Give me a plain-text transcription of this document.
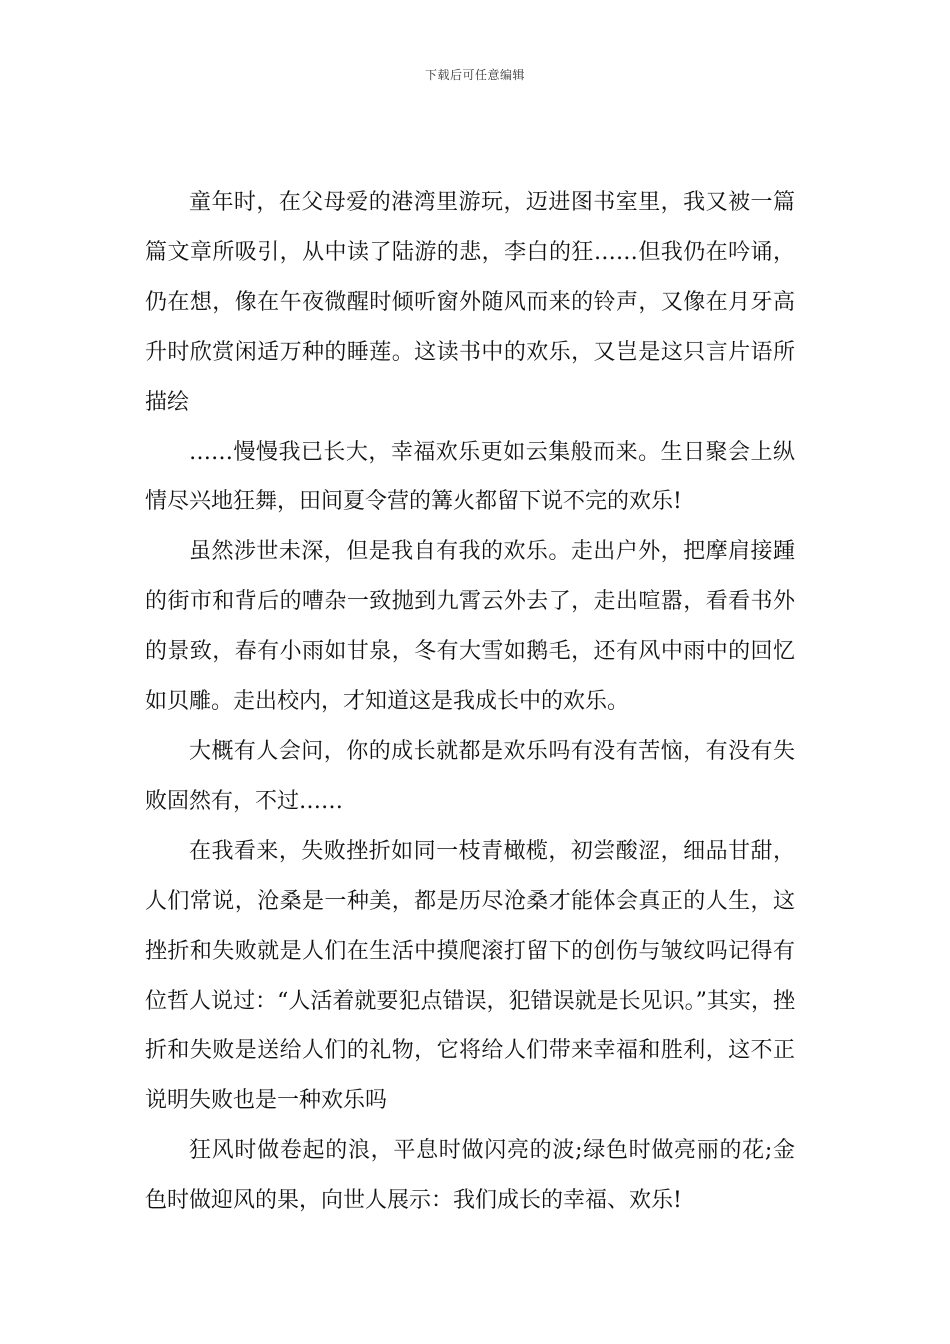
下载后可任意编辑

童年时，在父母爱的港湾里游玩，迈进图书室里，我又被一篇篇文章所吸引，从中读了陆游的悲，李白的狂……但我仍在吟诵，仍在想，像在午夜微醒时倾听窗外随风而来的铃声，又像在月牙高升时欣赏闲适万种的睡莲。这读书中的欢乐，又岂是这只言片语所描绘

……慢慢我已长大，幸福欢乐更如云集般而来。生日聚会上纵情尽兴地狂舞，田间夏令营的篝火都留下说不完的欢乐!

虽然涉世未深，但是我自有我的欢乐。走出户外，把摩肩接踵的街市和背后的嘈杂一致抛到九霄云外去了，走出喧嚣，看看书外的景致，春有小雨如甘泉，冬有大雪如鹅毛，还有风中雨中的回忆如贝雕。走出校内，才知道这是我成长中的欢乐。

大概有人会问，你的成长就都是欢乐吗有没有苦恼，有没有失败固然有，不过……

在我看来，失败挫折如同一枝青橄榄，初尝酸涩，细品甘甜，人们常说，沧桑是一种美，都是历尽沧桑才能体会真正的人生，这挫折和失败就是人们在生活中摸爬滚打留下的创伤与皱纹吗记得有位哲人说过：“人活着就要犯点错误，犯错误就是长见识。”其实，挫折和失败是送给人们的礼物，它将给人们带来幸福和胜利，这不正说明失败也是一种欢乐吗

狂风时做卷起的浪，平息时做闪亮的波;绿色时做亮丽的花;金色时做迎风的果，向世人展示：我们成长的幸福、欢乐!
